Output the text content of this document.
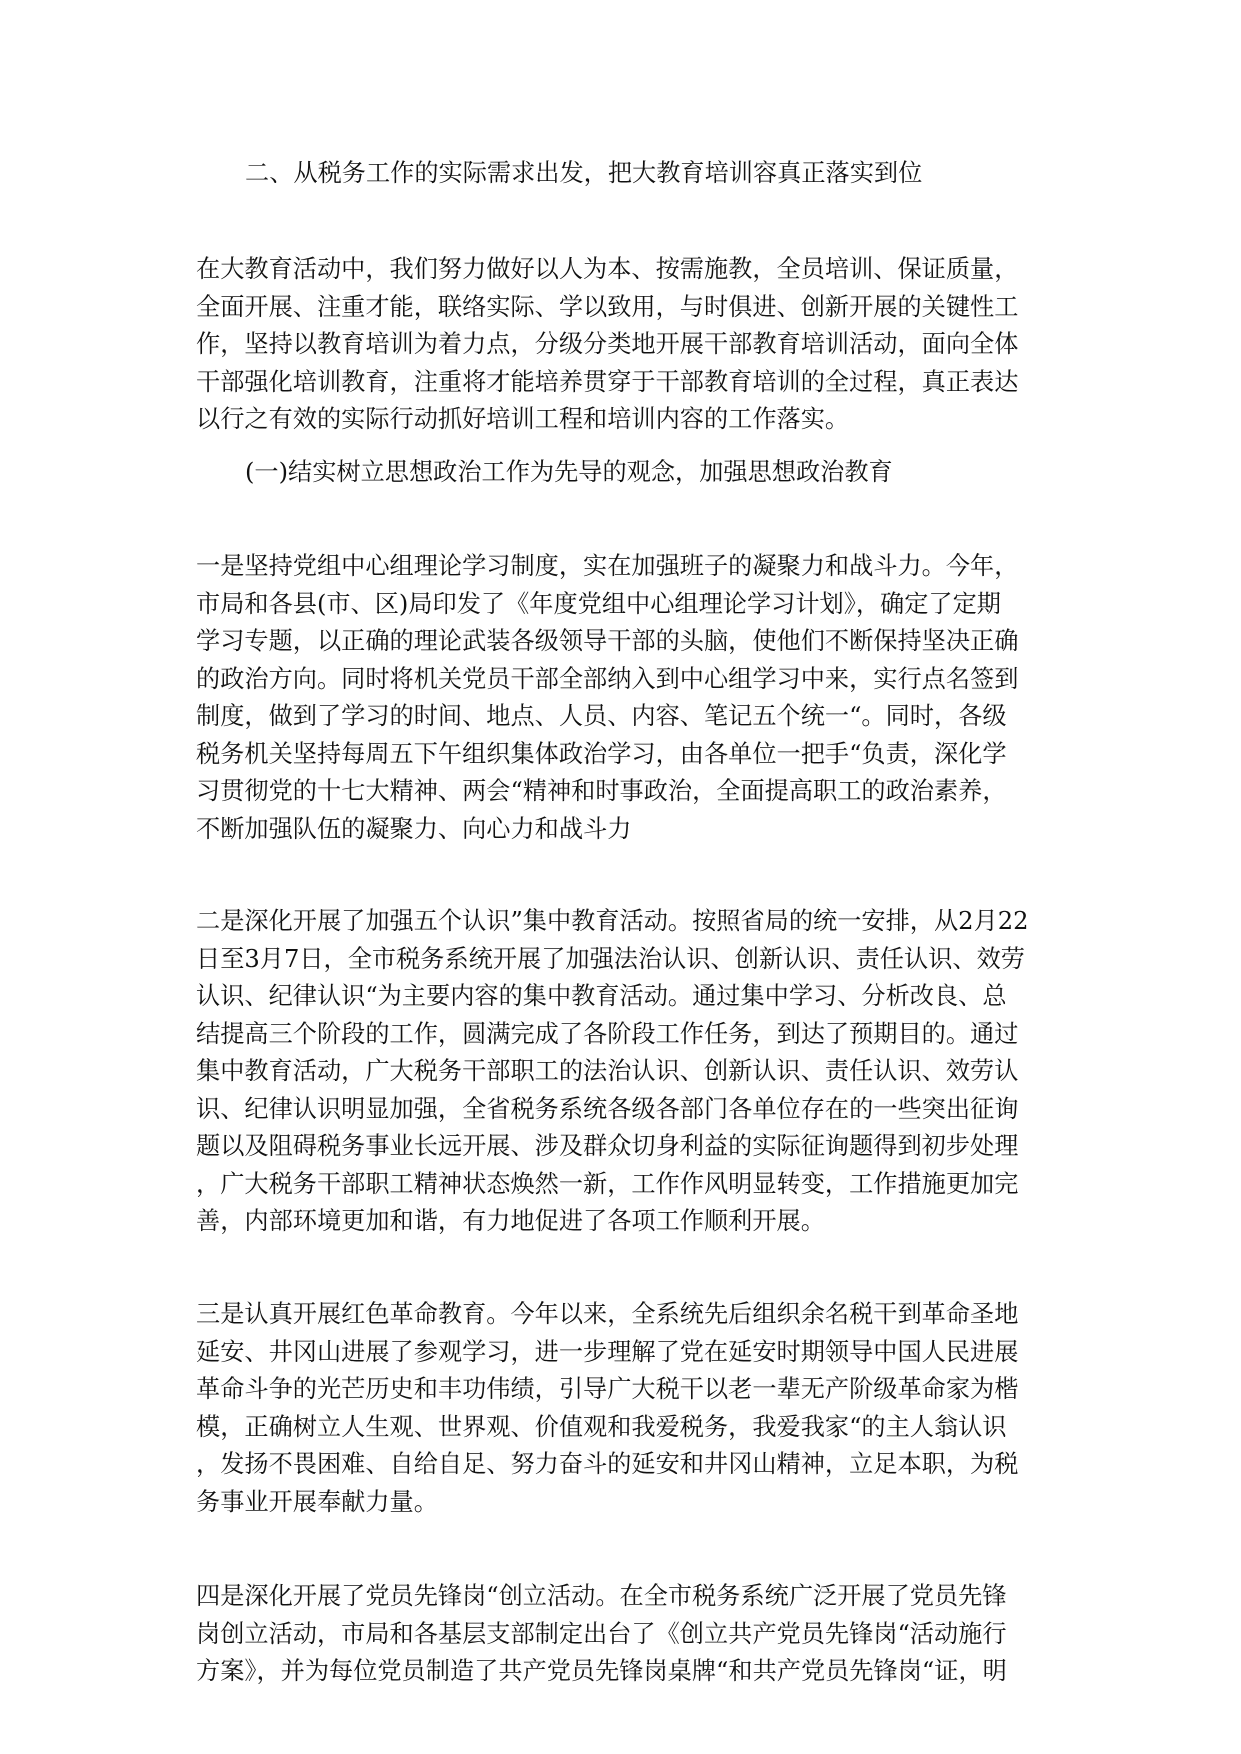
二、从税务工作的实际需求出发，把大教育培训容真正落实到位
在大教育活动中，我们努力做好以人为本、按需施教，全员培训、保证质量，
全面开展、注重才能，联络实际、学以致用，与时俱进、创新开展的关键性工
作，坚持以教育培训为着力点，分级分类地开展干部教育培训活动，面向全体
干部强化培训教育，注重将才能培养贯穿于干部教育培训的全过程，真正表达
以行之有效的实际行动抓好培训工程和培训内容的工作落实。
(一)结实树立思想政治工作为先导的观念，加强思想政治教育
一是坚持党组中心组理论学习制度，实在加强班子的凝聚力和战斗力。今年，
市局和各县(市、区)局印发了《年度党组中心组理论学习计划》，确定了定期
学习专题，以正确的理论武装各级领导干部的头脑，使他们不断保持坚决正确
的政治方向。同时将机关党员干部全部纳入到中心组学习中来，实行点名签到
制度，做到了学习的时间、地点、人员、内容、笔记五个统一“。同时，各级
税务机关坚持每周五下午组织集体政治学习，由各单位一把手“负责，深化学
习贯彻党的十七大精神、两会“精神和时事政治，全面提高职工的政治素养，
不断加强队伍的凝聚力、向心力和战斗力
二是深化开展了加强五个认识”集中教育活动。按照省局的统一安排，从2月22
日至3月7日，全市税务系统开展了加强法治认识、创新认识、责任认识、效劳
认识、纪律认识“为主要内容的集中教育活动。通过集中学习、分析改良、总
结提高三个阶段的工作，圆满完成了各阶段工作任务，到达了预期目的。通过
集中教育活动，广大税务干部职工的法治认识、创新认识、责任认识、效劳认
识、纪律认识明显加强，全省税务系统各级各部门各单位存在的一些突出征询
题以及阻碍税务事业长远开展、涉及群众切身利益的实际征询题得到初步处理
，广大税务干部职工精神状态焕然一新，工作作风明显转变，工作措施更加完
善，内部环境更加和谐，有力地促进了各项工作顺利开展。
三是认真开展红色革命教育。今年以来，全系统先后组织余名税干到革命圣地
延安、井冈山进展了参观学习，进一步理解了党在延安时期领导中国人民进展
革命斗争的光芒历史和丰功伟绩，引导广大税干以老一辈无产阶级革命家为楷
模，正确树立人生观、世界观、价值观和我爱税务，我爱我家“的主人翁认识
，发扬不畏困难、自给自足、努力奋斗的延安和井冈山精神，立足本职，为税
务事业开展奉献力量。
四是深化开展了党员先锋岗“创立活动。在全市税务系统广泛开展了党员先锋
岗创立活动，市局和各基层支部制定出台了《创立共产党员先锋岗“活动施行
方案》，并为每位党员制造了共产党员先锋岗桌牌“和共产党员先锋岗“证，明
